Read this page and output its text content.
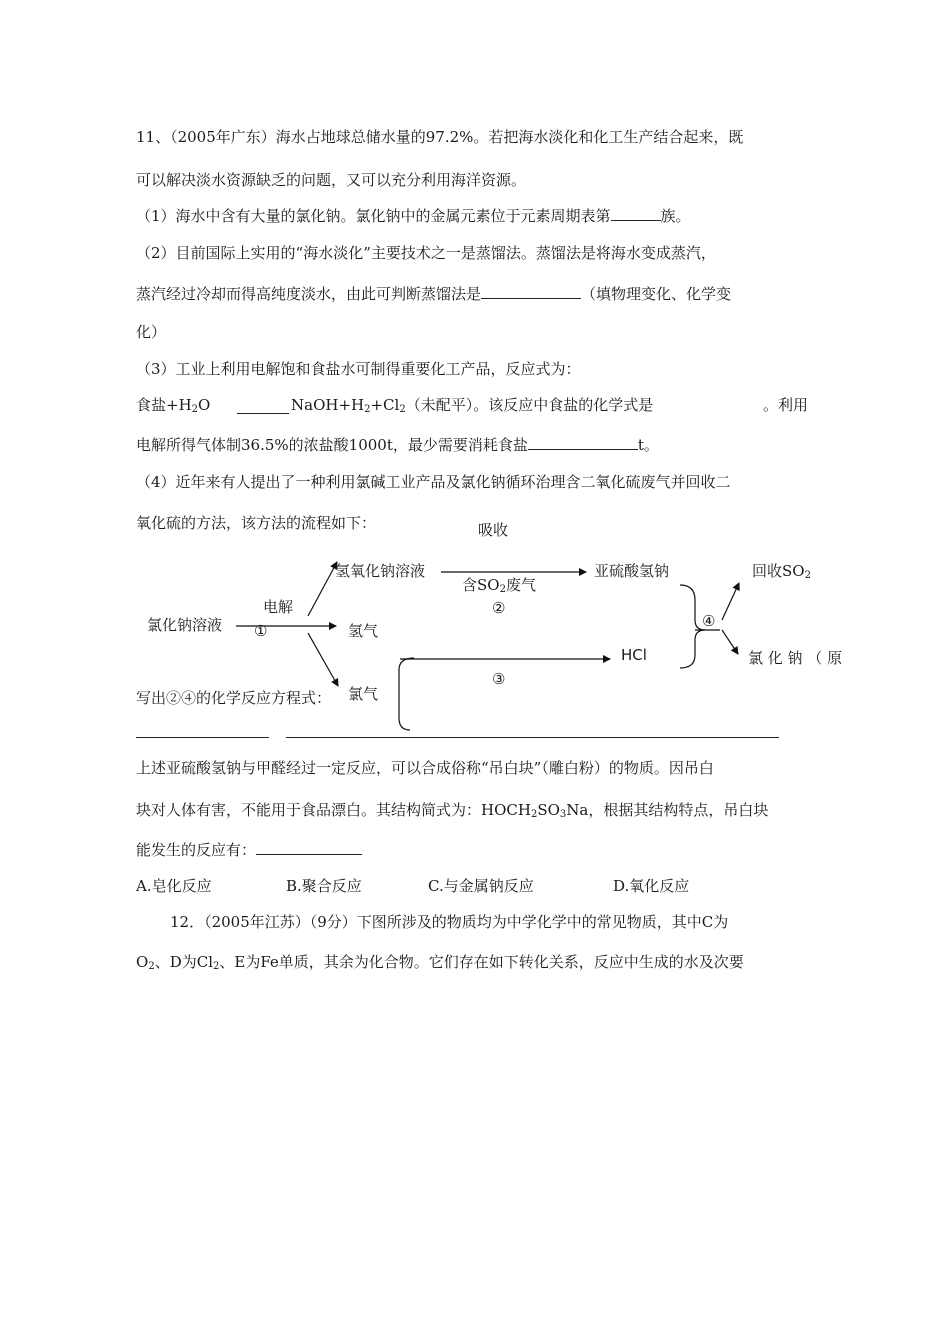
11、（2005年广东）海水占地球总储水量的97.2%。若把海水淡化和化工生产结合起来，既
可以解决淡水资源缺乏的问题，又可以充分利用海洋资源。
（1）海水中含有大量的氯化钠。氯化钠中的金属元素位于元素周期表第	族。
（2）目前国际上实用的“海水淡化”主要技术之一是蒸馏法。蒸馏法是将海水变成蒸汽，
蒸汽经过冷却而得高纯度淡水，由此可判断蒸馏法是	（填物理变化、化学变
化）
（3）工业上利用电解饱和食盐水可制得重要化工产品，反应式为：
食盐$+H_2O$	$NaOH+H_2+Cl_2$（未配平）。该反应中食盐的化学式是	。利用
电解所得气体制36.5%的浓盐酸1000t，最少需要消耗食盐	t。
（4）近年来有人提出了一种利用氯碱工业产品及氯化钠循环治理含二氧化硫废气并回收二
氧化硫的方法，该方法的流程如下：
氯化钠溶液
电解
①
氢氧化钠溶液
氢气
氯气
吸收
含$SO_2$废气
②
亚硫酸氢钠
③
HCl
④
回收$SO_2$
氯 化 钠 （ 原
写出②④的化学反应方程式：
上述亚硫酸氢钠与甲醛经过一定反应，可以合成俗称“吊白块”（雕白粉）的物质。因吊白
块对人体有害，不能用于食品漂白。其结构简式为：$HOCH_2SO_3Na$，根据其结构特点，吊白块
能发生的反应有：
A.皂化反应	B.聚合反应	C.与金属钠反应	D.氧化反应
12．（2005年江苏）（9分）下图所涉及的物质均为中学化学中的常见物质，其中C为
$O_2$、D为$Cl_2$、E为Fe单质，其余为化合物。它们存在如下转化关系，反应中生成的水及次要
